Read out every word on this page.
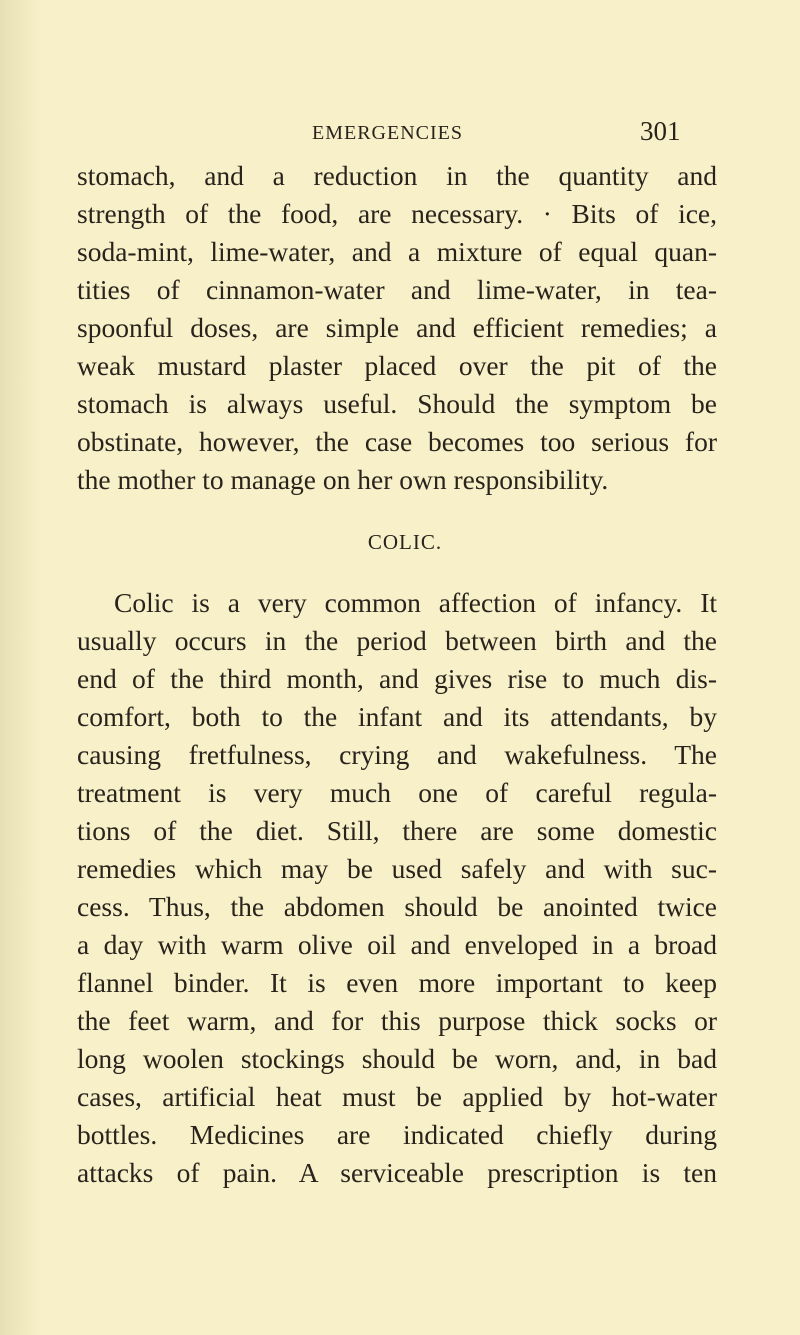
EMERGENCIES	301
stomach, and a reduction in the quantity and
strength of the food, are necessary. · Bits of ice,
soda-mint, lime-water, and a mixture of equal quan-
tities of cinnamon-water and lime-water, in tea-
spoonful doses, are simple and efficient remedies; a
weak mustard plaster placed over the pit of the
stomach is always useful. Should the symptom be
obstinate, however, the case becomes too serious for
the mother to manage on her own responsibility.
COLIC.
Colic is a very common affection of infancy. It
usually occurs in the period between birth and the
end of the third month, and gives rise to much dis-
comfort, both to the infant and its attendants, by
causing fretfulness, crying and wakefulness. The
treatment is very much one of careful regula-
tions of the diet. Still, there are some domestic
remedies which may be used safely and with suc-
cess. Thus, the abdomen should be anointed twice
a day with warm olive oil and enveloped in a broad
flannel binder. It is even more important to keep
the feet warm, and for this purpose thick socks or
long woolen stockings should be worn, and, in bad
cases, artificial heat must be applied by hot-water
bottles. Medicines are indicated chiefly during
attacks of pain. A serviceable prescription is ten
